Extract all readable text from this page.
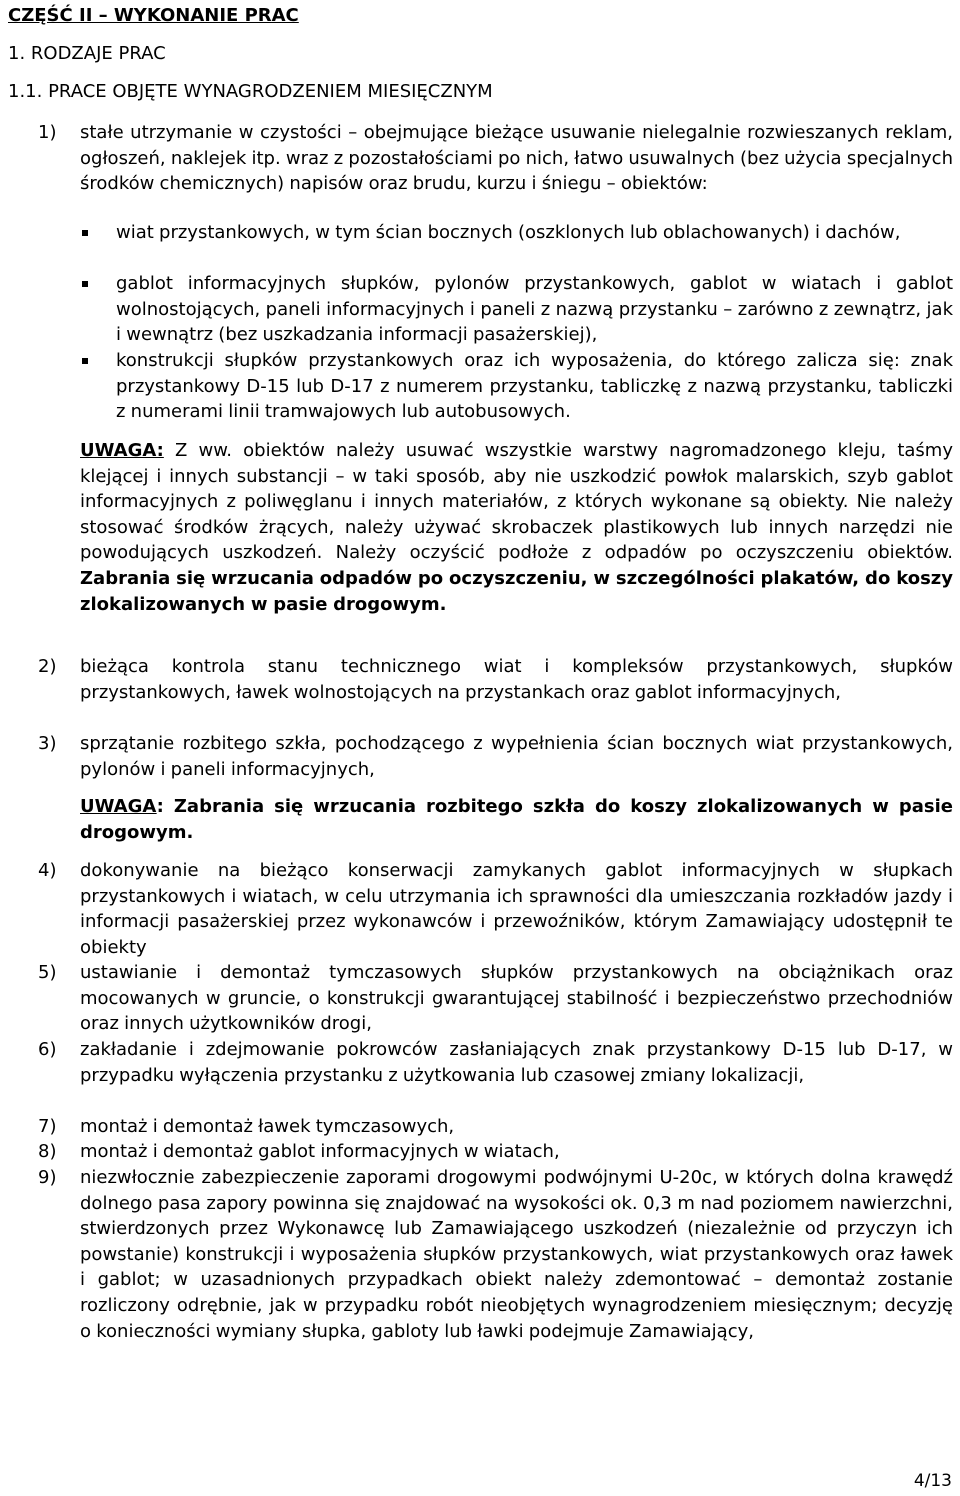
CZĘŚĆ II – WYKONANIE PRAC
1. RODZAJE PRAC
1.1. PRACE OBJĘTE WYNAGRODZENIEM MIESIĘCZNYM

1) stałe utrzymanie w czystości – obejmujące bieżące usuwanie nielegalnie rozwieszanych reklam, ogłoszeń, naklejek itp. wraz z pozostałościami po nich, łatwo usuwalnych (bez użycia specjalnych środków chemicznych) napisów oraz brudu, kurzu i śniegu – obiektów:

wiat przystankowych, w tym ścian bocznych (oszklonych lub oblachowanych) i dachów,

gablot informacyjnych słupków, pylonów przystankowych, gablot w wiatach i gablot wolnostojących, paneli informacyjnych i paneli z nazwą przystanku – zarówno z zewnątrz, jak i wewnątrz (bez uszkadzania informacji pasażerskiej),

konstrukcji słupków przystankowych oraz ich wyposażenia, do którego zalicza się: znak przystankowy D-15 lub D-17 z numerem przystanku, tabliczkę z nazwą przystanku, tabliczki z numerami linii tramwajowych lub autobusowych.

UWAGA: Z ww. obiektów należy usuwać wszystkie warstwy nagromadzonego kleju, taśmy klejącej i innych substancji – w taki sposób, aby nie uszkodzić powłok malarskich, szyb gablot informacyjnych z poliwęglanu i innych materiałów, z których wykonane są obiekty. Nie należy stosować środków żrących, należy używać skrobaczek plastikowych lub innych narzędzi nie powodujących uszkodzeń. Należy oczyścić podłoże z odpadów po oczyszczeniu obiektów. Zabrania się wrzucania odpadów po oczyszczeniu, w szczególności plakatów, do koszy zlokalizowanych w pasie drogowym.

2) bieżąca kontrola stanu technicznego wiat i kompleksów przystankowych, słupków przystankowych, ławek wolnostojących na przystankach oraz gablot informacyjnych,

3) sprzątanie rozbitego szkła, pochodzącego z wypełnienia ścian bocznych wiat przystankowych, pylonów i paneli informacyjnych,

UWAGA: Zabrania się wrzucania rozbitego szkła do koszy zlokalizowanych w pasie drogowym.

4) dokonywanie na bieżąco konserwacji zamykanych gablot informacyjnych w słupkach przystankowych i wiatach, w celu utrzymania ich sprawności dla umieszczania rozkładów jazdy i informacji pasażerskiej przez wykonawców i przewoźników, którym Zamawiający udostępnił te obiekty

5) ustawianie i demontaż tymczasowych słupków przystankowych na obciążnikach oraz mocowanych w gruncie, o konstrukcji gwarantującej stabilność i bezpieczeństwo przechodniów oraz innych użytkowników drogi,

6) zakładanie i zdejmowanie pokrowców zasłaniających znak przystankowy D-15 lub D-17, w przypadku wyłączenia przystanku z użytkowania lub czasowej zmiany lokalizacji,

7) montaż i demontaż ławek tymczasowych,

8) montaż i demontaż gablot informacyjnych w wiatach,

9) niezwłocznie zabezpieczenie zaporami drogowymi podwójnymi U-20c, w których dolna krawędź dolnego pasa zapory powinna się znajdować na wysokości ok. 0,3 m nad poziomem nawierzchni, stwierdzonych przez Wykonawcę lub Zamawiającego uszkodzeń (niezależnie od przyczyn ich powstanie) konstrukcji i wyposażenia słupków przystankowych, wiat przystankowych oraz ławek i gablot; w uzasadnionych przypadkach obiekt należy zdemontować – demontaż zostanie rozliczony odrębnie, jak w przypadku robót nieobjętych wynagrodzeniem miesięcznym; decyzję o konieczności wymiany słupka, gabloty lub ławki podejmuje Zamawiający,

4/13
